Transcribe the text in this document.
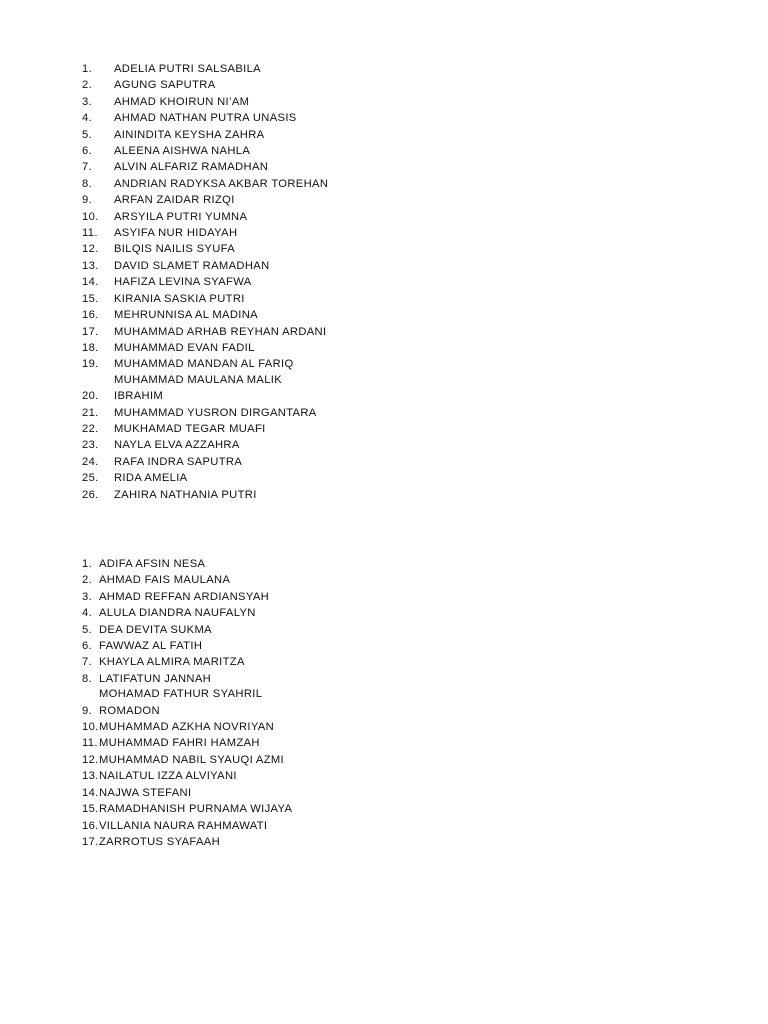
1.	ADELIA PUTRI SALSABILA
2.	AGUNG SAPUTRA
3.	AHMAD KHOIRUN NI’AM
4.	AHMAD NATHAN PUTRA UNASIS
5.	AININDITA KEYSHA ZAHRA
6.	ALEENA AISHWA NAHLA
7.	ALVIN ALFARIZ RAMADHAN
8.	ANDRIAN RADYKSA AKBAR TOREHAN
9.	ARFAN ZAIDAR RIZQI
10.	ARSYILA PUTRI YUMNA
11.	ASYIFA NUR HIDAYAH
12.	BILQIS NAILIS SYUFA
13.	DAVID SLAMET RAMADHAN
14.	HAFIZA LEVINA SYAFWA
15.	KIRANIA SASKIA PUTRI
16.	MEHRUNNISA AL MADINA
17.	MUHAMMAD ARHAB REYHAN ARDANI
18.	MUHAMMAD EVAN FADIL
19.	MUHAMMAD MANDAN AL FARIQ
MUHAMMAD MAULANA MALIK
20.	IBRAHIM
21.	MUHAMMAD YUSRON DIRGANTARA
22.	MUKHAMAD TEGAR MUAFI
23.	NAYLA ELVA AZZAHRA
24.	RAFA INDRA SAPUTRA
25.	RIDA AMELIA
26.	ZAHIRA NATHANIA PUTRI
1. ADIFA AFSIN NESA
2. AHMAD FAIS MAULANA
3. AHMAD REFFAN ARDIANSYAH
4. ALULA DIANDRA NAUFALYN
5. DEA DEVITA SUKMA
6. FAWWAZ AL FATIH
7. KHAYLA ALMIRA MARITZA
8. LATIFATUN JANNAH
MOHAMAD FATHUR SYAHRIL
9. ROMADON
10. MUHAMMAD AZKHA NOVRIYAN
11. MUHAMMAD FAHRI HAMZAH
12. MUHAMMAD NABIL SYAUQI AZMI
13. NAILATUL IZZA ALVIYANI
14. NAJWA STEFANI
15. RAMADHANISH PURNAMA WIJAYA
16. VILLANIA NAURA RAHMAWATI
17. ZARROTUS SYAFAAH
